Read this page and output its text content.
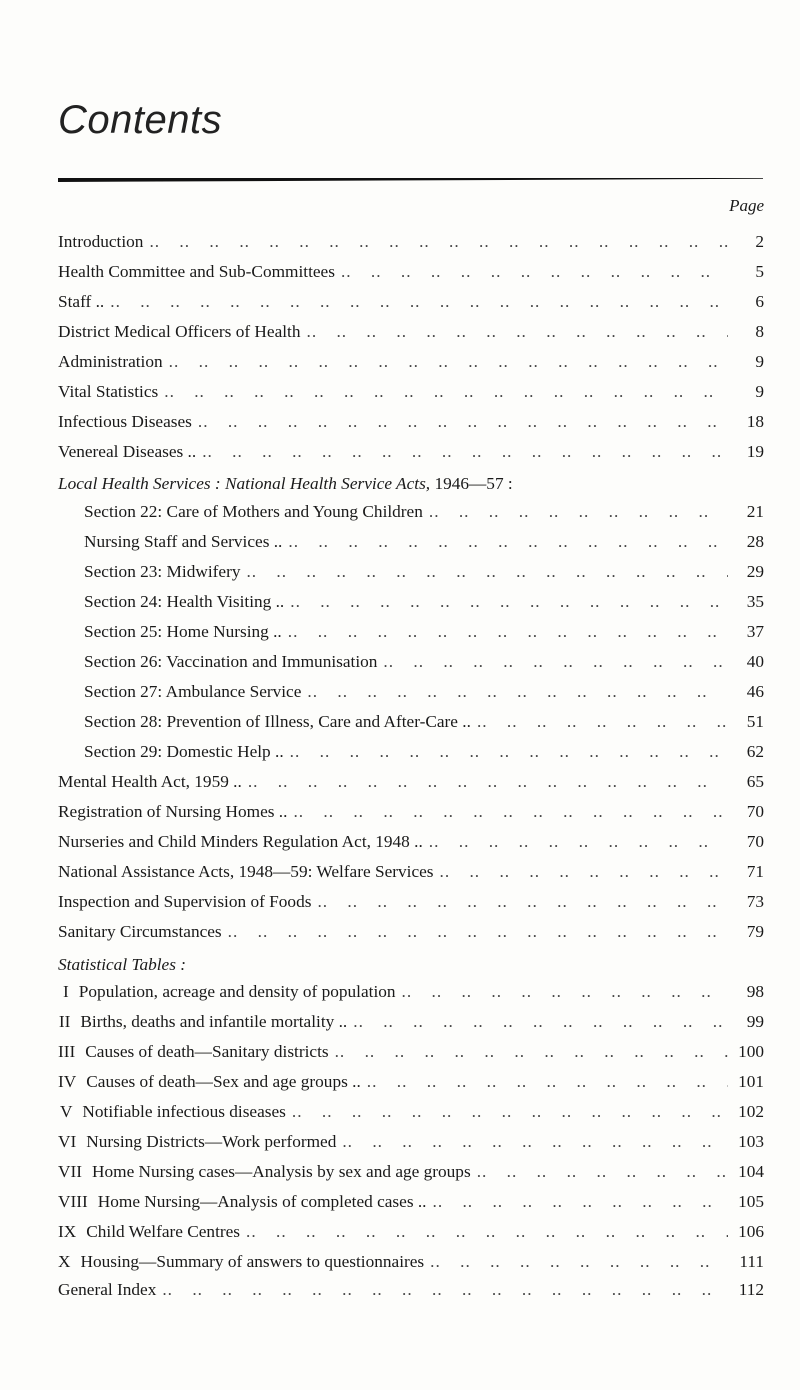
Contents
Page
Introduction .. ..	2
Health Committee and Sub-Committees .. ..	5
Staff .. .. ..	6
District Medical Officers of Health .. ..	8
Administration .. ..	9
Vital Statistics .. ..	9
Infectious Diseases .. ..	18
Venereal Diseases .. .. ..	19
Local Health Services : National Health Service Acts, 1946—57 :
Section 22: Care of Mothers and Young Children .. ..	21
Nursing Staff and Services .. .. ..	28
Section 23: Midwifery .. ..	29
Section 24: Health Visiting .. .. ..	35
Section 25: Home Nursing .. .. ..	37
Section 26: Vaccination and Immunisation .. ..	40
Section 27: Ambulance Service .. ..	46
Section 28: Prevention of Illness, Care and After-Care .. .. ..	51
Section 29: Domestic Help .. .. ..	62
Mental Health Act, 1959 .. .. ..	65
Registration of Nursing Homes .. .. ..	70
Nurseries and Child Minders Regulation Act, 1948 .. .. ..	70
National Assistance Acts, 1948—59: Welfare Services .. ..	71
Inspection and Supervision of Foods .. ..	73
Sanitary Circumstances .. ..	79
Statistical Tables :
I Population, acreage and density of population .. ..	98
II Births, deaths and infantile mortality .. .. ..	99
III Causes of death—Sanitary districts .. ..	100
IV Causes of death—Sex and age groups .. .. ..	101
V Notifiable infectious diseases .. ..	102
VI Nursing Districts—Work performed .. ..	103
VII Home Nursing cases—Analysis by sex and age groups .. ..	104
VIII Home Nursing—Analysis of completed cases .. .. ..	105
IX Child Welfare Centres .. ..	106
X Housing—Summary of answers to questionnaires .. ..	111
General Index .. ..	112
